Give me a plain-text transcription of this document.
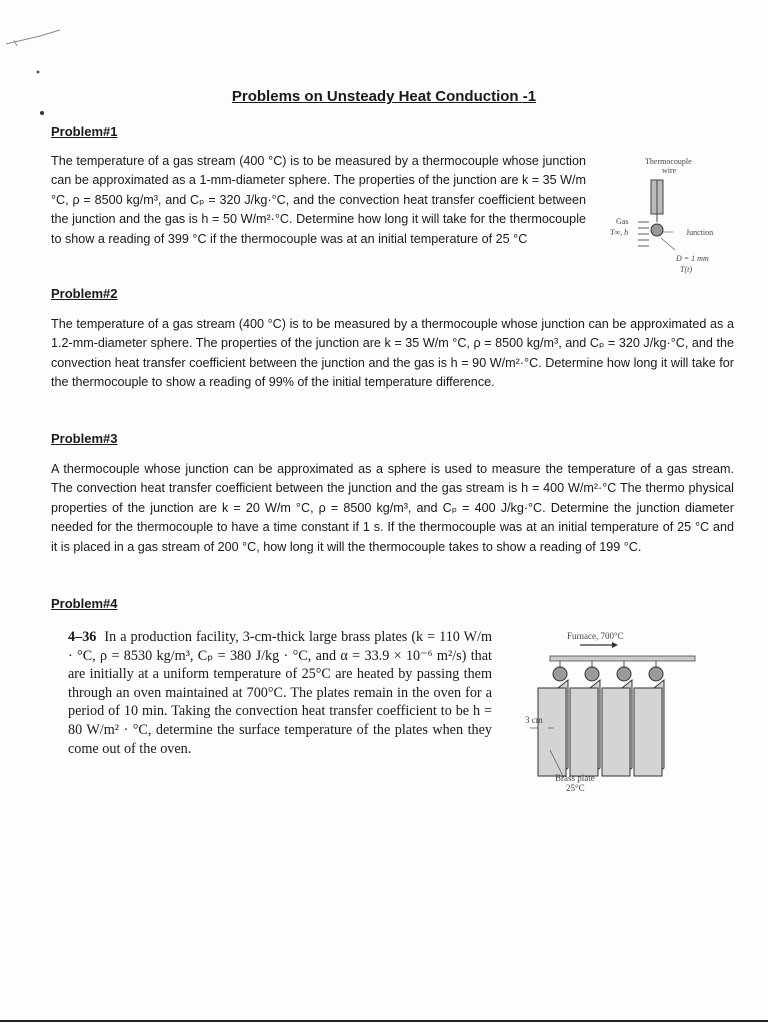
Problems on Unsteady Heat Conduction -1
Problem#1
The temperature of a gas stream (400 °C) is to be measured by a thermocouple whose junction can be approximated as a 1-mm-diameter sphere. The properties of the junction are k = 35 W/m °C, ρ = 8500 kg/m³, and Cₚ = 320 J/kg·°C, and the convection heat transfer coefficient between the junction and the gas is h = 50 W/m²·°C. Determine how long it will take for the thermocouple to show a reading of 399 °C if the thermocouple was at an initial temperature of 25 °C
Thermocouple
wire
Gas
T∞, h	Junction
D = 1 mm
T(t)
Problem#2
The temperature of a gas stream (400 °C) is to be measured by a thermocouple whose junction can be approximated as a 1.2-mm-diameter sphere. The properties of the junction are k = 35 W/m °C, ρ = 8500 kg/m³, and Cₚ = 320 J/kg·°C, and the convection heat transfer coefficient between the junction and the gas is h = 90 W/m²·°C. Determine how long it will take for the thermocouple to show a reading of 99% of the initial temperature difference.
Problem#3
A thermocouple whose junction can be approximated as a sphere is used to measure the temperature of a gas stream. The convection heat transfer coefficient between the junction and the gas stream is h = 400 W/m²·°C The thermo physical properties of the junction are k = 20 W/m °C, ρ = 8500 kg/m³, and Cₚ = 400 J/kg·°C. Determine the junction diameter needed for the thermocouple to have a time constant if 1 s. If the thermocouple was at an initial temperature of 25 °C and it is placed in a gas stream of 200 °C, how long it will the thermocouple takes to show a reading of 199 °C.
Problem#4
4–36 In a production facility, 3-cm-thick large brass plates (k = 110 W/m · °C, ρ = 8530 kg/m³, Cₚ = 380 J/kg · °C, and α = 33.9 × 10⁻⁶ m²/s) that are initially at a uniform temperature of 25°C are heated by passing them through an oven maintained at 700°C. The plates remain in the oven for a period of 10 min. Taking the convection heat transfer coefficient to be h = 80 W/m² · °C, determine the surface temperature of the plates when they come out of the oven.
Furnace, 700°C
3 cm
Brass plate
25°C
